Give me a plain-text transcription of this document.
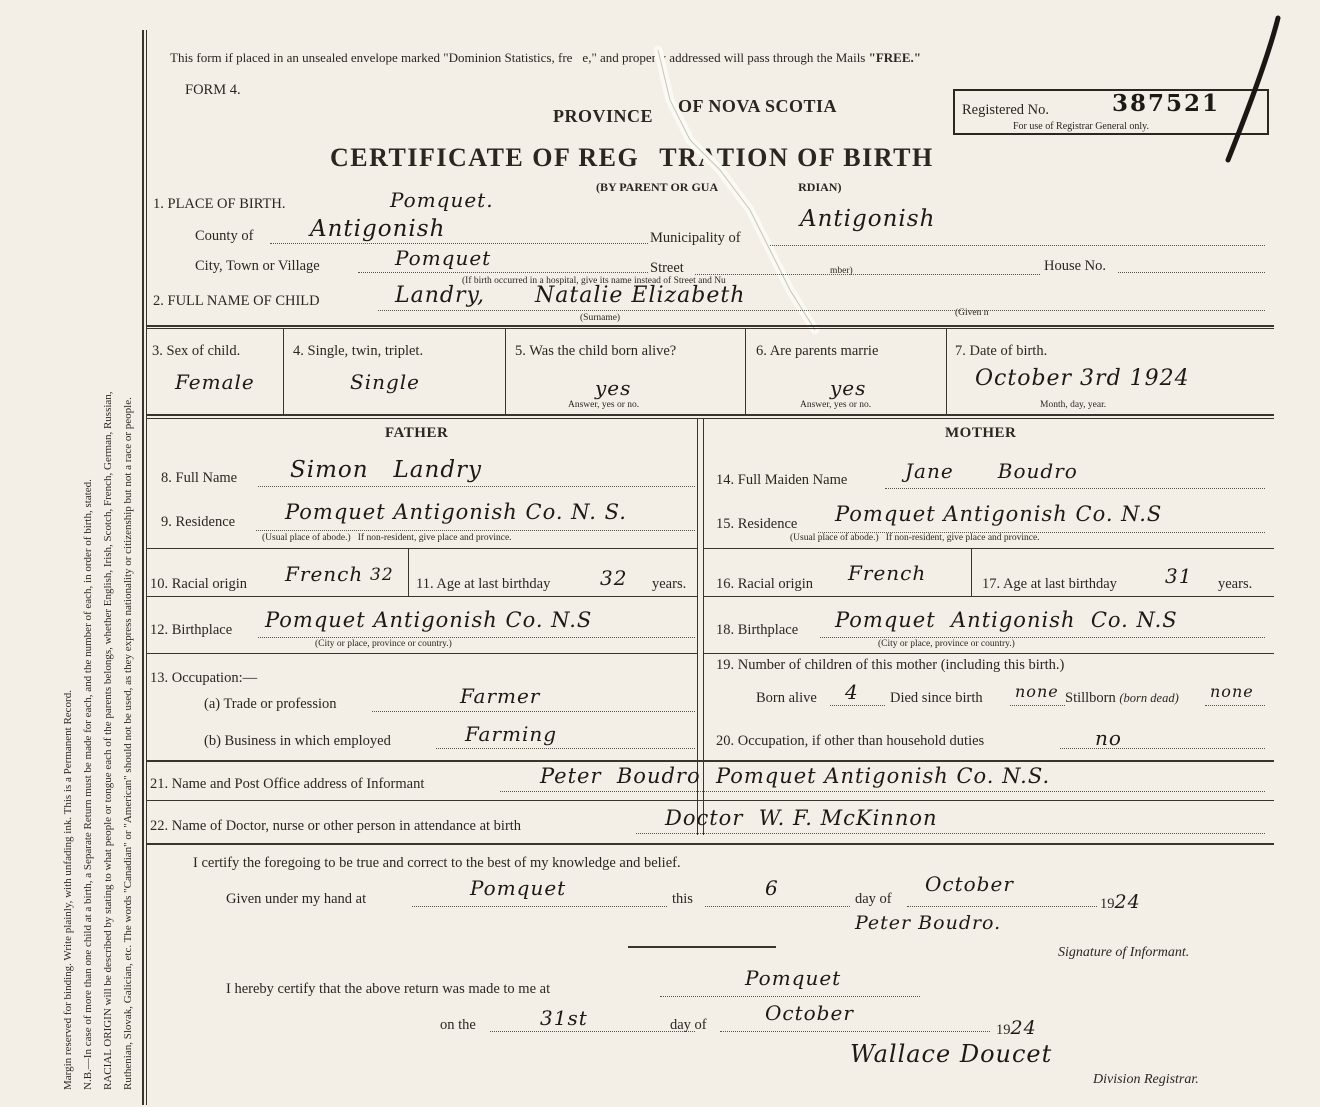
Margin reserved for binding. Write plainly, with unfading ink. This is a Permanent Record. N.B.—In case of more than one child at a birth, a Separate Return must be made for each, and the number of each, in order of birth, stated. RACIAL ORIGIN will be described by stating to what people or tongue each of the parents belongs, whether English, Irish, Scotch, French, German, Russian, Ruthenian, Slovak, Galician, etc. The words "Canadian" or "American" should not be used, as they express nationality or citizenship but not a race or people.
This form if placed in an unsealed envelope marked "Dominion Statistics, fre e," and properly addressed will pass through the Mails "FREE."
FORM 4.
PROVINCE OF NOVA SCOTIA
CERTIFICATE OF REG TRATION OF BIRTH
(BY PARENT OR GUA	RDIAN)
Registered No.	387521
For use of Registrar General only.
1. PLACE OF BIRTH.	Pomquet.
County of Antigonish	Municipality of
Antigonish
City, Town or Village	Pomquet	Street	House No.
(If birth occurred in a hospital, give its name instead of Street and Nu
mber)
2. FULL NAME OF CHILD	Landry, Natalie Elizabeth
(Surname)	(Given n
3. Sex of child.
Female
4. Single, twin, triplet.
Single
5. Was the child born alive?
yes
Answer, yes or no.
6. Are parents marrie
yes
Answer, yes or no.
7. Date of birth.
October 3rd 1924
Month, day, year.
FATHER	MOTHER
8. Full Name Simon   Landry	14. Full Maiden Name	Jane      Boudro
9. Residence Pomquet Antigonish Co. N. S.
(Usual place of abode.)   If non-resident, give place and province.
15. Residence Pomquet Antigonish Co. N.S
(Usual place of abode.)   If non-resident, give place and province.
10. Racial origin French 32 11. Age at last birthday 32 years. 16. Racial origin French	17. Age at last birthday 31 years.
12. Birthplace Pomquet Antigonish Co. N.S
(City or place, province or country.)
18. Birthplace Pomquet  Antigonish  Co. N.S
(City or place, province or country.)
13. Occupation:—
(a) Trade or profession	Farmer
(b) Business in which employed	Farming
19. Number of children of this mother (including this birth.)
Born alive 4 Died since birth none Stillborn (born dead) none
20. Occupation, if other than household duties	no
21. Name and Post Office address of Informant	Peter  Boudro  Pomquet Antigonish Co. N.S.
22. Name of Doctor, nurse or other person in attendance at birth	Doctor  W. F. McKinnon
I certify the foregoing to be true and correct to the best of my knowledge and belief.
Given under my hand at	Pomquet	this	6	day of
October
1924
Peter Boudro.
Signature of Informant.
I hereby certify that the above return was made to me at	Pomquet
on the	31st	day of	October
1924
Wallace Doucet
Division Registrar.
